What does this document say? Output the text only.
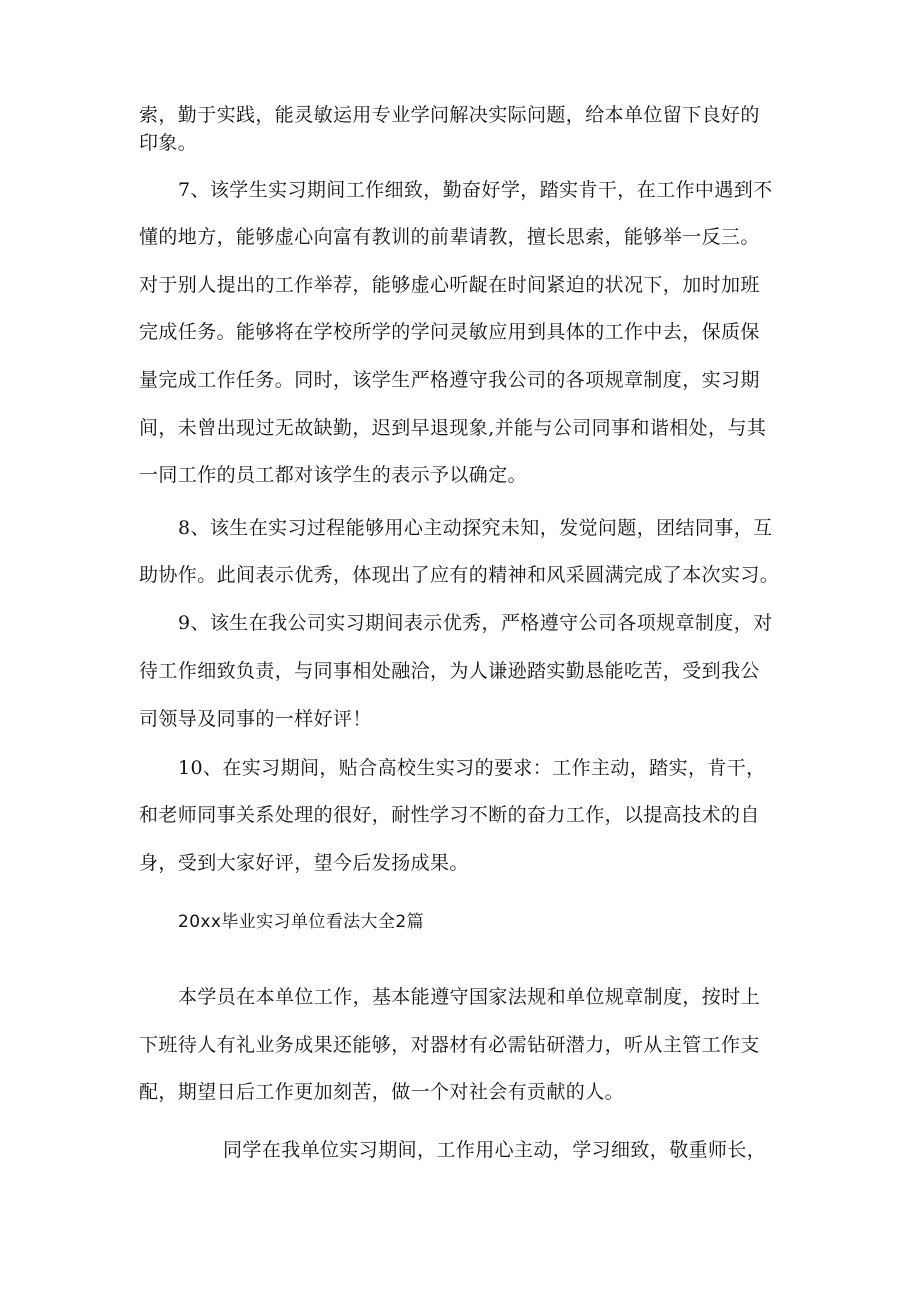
索，勤于实践，能灵敏运用专业学问解决实际问题，给本单位留下良好的
印象。
7、该学生实习期间工作细致，勤奋好学，踏实肯干，在工作中遇到不
懂的地方，能够虚心向富有教训的前辈请教，擅长思索，能够举一反三。
对于别人提出的工作举荐，能够虚心听龊在时间紧迫的状况下，加时加班
完成任务。能够将在学校所学的学问灵敏应用到具体的工作中去，保质保
量完成工作任务。同时，该学生严格遵守我公司的各项规章制度，实习期
间，未曾出现过无故缺勤，迟到早退现象,并能与公司同事和谐相处，与其
一同工作的员工都对该学生的表示予以确定。
8、该生在实习过程能够用心主动探究未知，发觉问题，团结同事，互
助协作。此间表示优秀，体现出了应有的精神和风采圆满完成了本次实习。
9、该生在我公司实习期间表示优秀，严格遵守公司各项规章制度，对
待工作细致负责，与同事相处融洽，为人谦逊踏实勤恳能吃苦，受到我公
司领导及同事的一样好评！
10、在实习期间，贴合高校生实习的要求：工作主动，踏实，肯干，
和老师同事关系处理的很好，耐性学习不断的奋力工作，以提高技术的自
身，受到大家好评，望今后发扬成果。
20xx毕业实习单位看法大全2篇
本学员在本单位工作，基本能遵守国家法规和单位规章制度，按时上
下班待人有礼业务成果还能够，对器材有必需钻研潜力，听从主管工作支
配，期望日后工作更加刻苦，做一个对社会有贡献的人。
同学在我单位实习期间，工作用心主动，学习细致，敬重师长，
